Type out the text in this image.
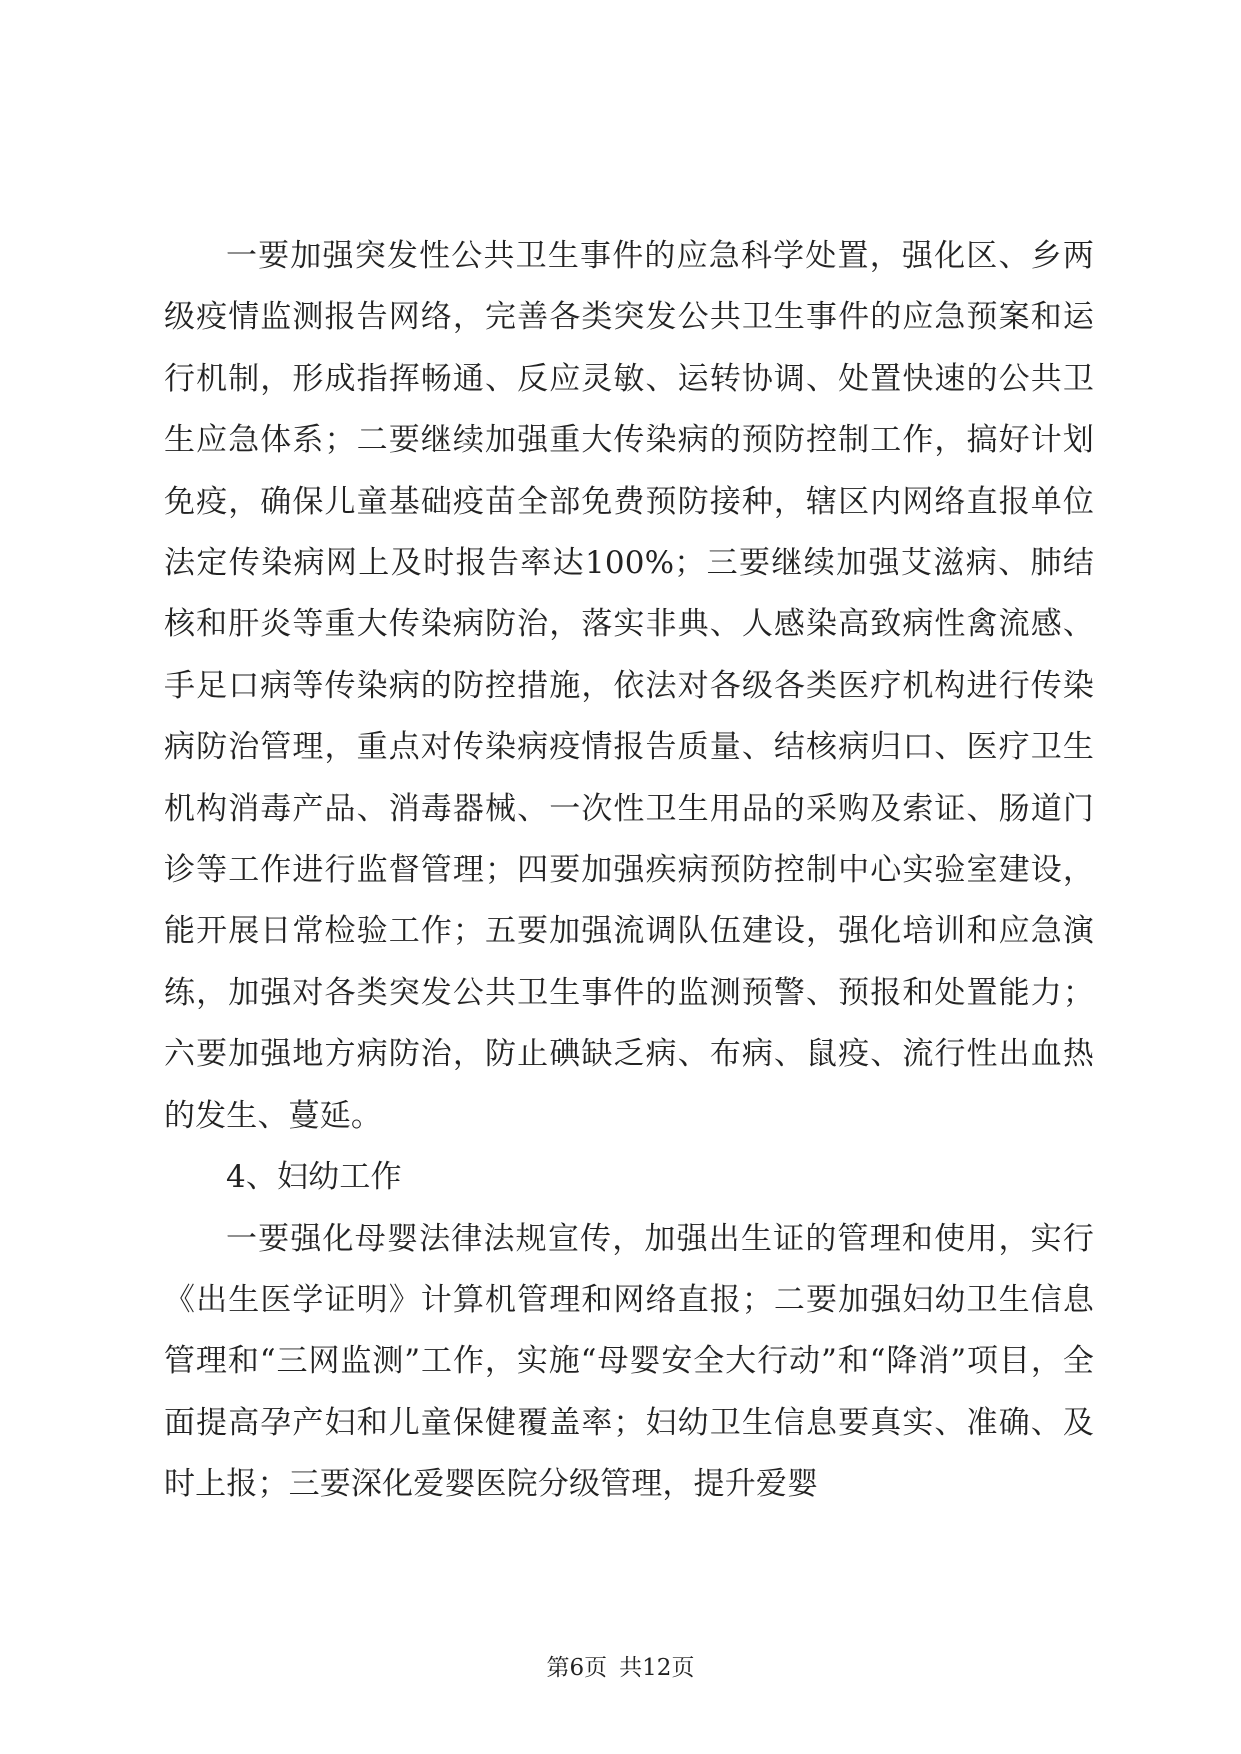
一要加强突发性公共卫生事件的应急科学处置，强化区、乡两级疫情监测报告网络，完善各类突发公共卫生事件的应急预案和运行机制，形成指挥畅通、反应灵敏、运转协调、处置快速的公共卫生应急体系；二要继续加强重大传染病的预防控制工作，搞好计划免疫，确保儿童基础疫苗全部免费预防接种，辖区内网络直报单位法定传染病网上及时报告率达100%；三要继续加强艾滋病、肺结核和肝炎等重大传染病防治，落实非典、人感染高致病性禽流感、手足口病等传染病的防控措施，依法对各级各类医疗机构进行传染病防治管理，重点对传染病疫情报告质量、结核病归口、医疗卫生机构消毒产品、消毒器械、一次性卫生用品的采购及索证、肠道门诊等工作进行监督管理；四要加强疾病预防控制中心实验室建设，能开展日常检验工作；五要加强流调队伍建设，强化培训和应急演练，加强对各类突发公共卫生事件的监测预警、预报和处置能力；六要加强地方病防治，防止碘缺乏病、布病、鼠疫、流行性出血热的发生、蔓延。

4、妇幼工作

一要强化母婴法律法规宣传，加强出生证的管理和使用，实行《出生医学证明》计算机管理和网络直报；二要加强妇幼卫生信息管理和“三网监测”工作，实施“母婴安全大行动”和“降消”项目，全面提高孕产妇和儿童保健覆盖率；妇幼卫生信息要真实、准确、及时上报；三要深化爱婴医院分级管理，提升爱婴

第6页 共12页
